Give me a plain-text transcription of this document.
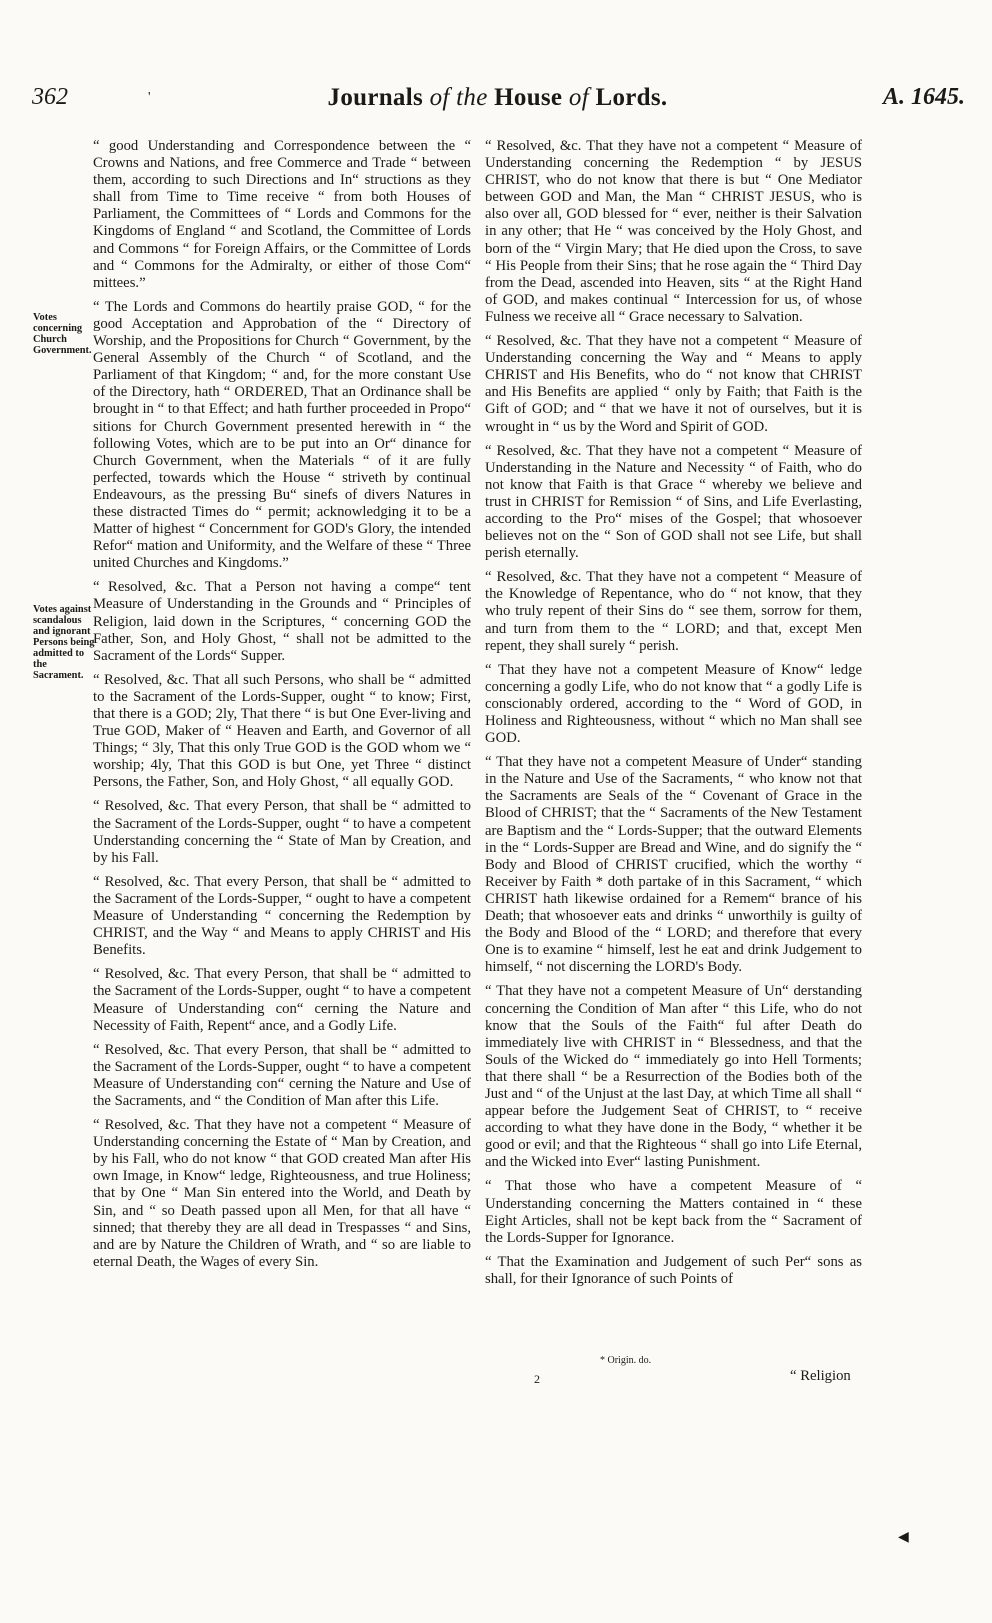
362	'	Journals of the House of Lords.	A. 1645.
Votes concerning Church Government.
Votes against scandalous and ignorant Persons being admitted to the Sacrament.

“ good Understanding and Correspondence between the “ Crowns and Nations, and free Commerce and Trade “ between them, according to such Directions and In“ structions as they shall from Time to Time receive “ from both Houses of Parliament, the Committees of “ Lords and Commons for the Kingdoms of England “ and Scotland, the Committee of Lords and Commons “ for Foreign Affairs, or the Committee of Lords and “ Commons for the Admiralty, or either of those Com“ mittees.”

“ The Lords and Commons do heartily praise GOD, “ for the good Acceptation and Approbation of the “ Directory of Worship, and the Propositions for Church “ Government, by the General Assembly of the Church “ of Scotland, and the Parliament of that Kingdom; “ and, for the more constant Use of the Directory, hath “ ORDERED, That an Ordinance shall be brought in “ to that Effect; and hath further proceeded in Propo“ sitions for Church Government presented herewith in “ the following Votes, which are to be put into an Or“ dinance for Church Government, when the Materials “ of it are fully perfected, towards which the House “ striveth by continual Endeavours, as the pressing Bu“ sinefs of divers Natures in these distracted Times do “ permit; acknowledging it to be a Matter of highest “ Concernment for GOD's Glory, the intended Refor“ mation and Uniformity, and the Welfare of these “ Three united Churches and Kingdoms.”

“ Resolved, &c. That a Person not having a compe“ tent Measure of Understanding in the Grounds and “ Principles of Religion, laid down in the Scriptures, “ concerning GOD the Father, Son, and Holy Ghost, “ shall not be admitted to the Sacrament of the Lords“ Supper.

“ Resolved, &c. That all such Persons, who shall be “ admitted to the Sacrament of the Lords-Supper, ought “ to know; First, that there is a GOD; 2ly, That there “ is but One Ever-living and True GOD, Maker of “ Heaven and Earth, and Governor of all Things; “ 3ly, That this only True GOD is the GOD whom we “ worship; 4ly, That this GOD is but One, yet Three “ distinct Persons, the Father, Son, and Holy Ghost, “ all equally GOD.

“ Resolved, &c. That every Person, that shall be “ admitted to the Sacrament of the Lords-Supper, ought “ to have a competent Understanding concerning the “ State of Man by Creation, and by his Fall.

“ Resolved, &c. That every Person, that shall be “ admitted to the Sacrament of the Lords-Supper, “ ought to have a competent Measure of Understanding “ concerning the Redemption by CHRIST, and the Way “ and Means to apply CHRIST and His Benefits.

“ Resolved, &c. That every Person, that shall be “ admitted to the Sacrament of the Lords-Supper, ought “ to have a competent Measure of Understanding con“ cerning the Nature and Necessity of Faith, Repent“ ance, and a Godly Life.

“ Resolved, &c. That every Person, that shall be “ admitted to the Sacrament of the Lords-Supper, ought “ to have a competent Measure of Understanding con“ cerning the Nature and Use of the Sacraments, and “ the Condition of Man after this Life.

“ Resolved, &c. That they have not a competent “ Measure of Understanding concerning the Estate of “ Man by Creation, and by his Fall, who do not know “ that GOD created Man after His own Image, in Know“ ledge, Righteousness, and true Holiness; that by One “ Man Sin entered into the World, and Death by Sin, and “ so Death passed upon all Men, for that all have “ sinned; that thereby they are all dead in Trespasses “ and Sins, and are by Nature the Children of Wrath, and “ so are liable to eternal Death, the Wages of every Sin.

“ Resolved, &c. That they have not a competent “ Measure of Understanding concerning the Redemption “ by JESUS CHRIST, who do not know that there is but “ One Mediator between GOD and Man, the Man “ CHRIST JESUS, who is also over all, GOD blessed for “ ever, neither is their Salvation in any other; that He “ was conceived by the Holy Ghost, and born of the “ Virgin Mary; that He died upon the Cross, to save “ His People from their Sins; that he rose again the “ Third Day from the Dead, ascended into Heaven, sits “ at the Right Hand of GOD, and makes continual “ Intercession for us, of whose Fulness we receive all “ Grace necessary to Salvation.

“ Resolved, &c. That they have not a competent “ Measure of Understanding concerning the Way and “ Means to apply CHRIST and His Benefits, who do “ not know that CHRIST and His Benefits are applied “ only by Faith; that Faith is the Gift of GOD; and “ that we have it not of ourselves, but it is wrought in “ us by the Word and Spirit of GOD.

“ Resolved, &c. That they have not a competent “ Measure of Understanding in the Nature and Necessity “ of Faith, who do not know that Faith is that Grace “ whereby we believe and trust in CHRIST for Remission “ of Sins, and Life Everlasting, according to the Pro“ mises of the Gospel; that whosoever believes not on the “ Son of GOD shall not see Life, but shall perish eternally.

“ Resolved, &c. That they have not a competent “ Measure of the Knowledge of Repentance, who do “ not know, that they who truly repent of their Sins do “ see them, sorrow for them, and turn from them to the “ LORD; and that, except Men repent, they shall surely “ perish.

“ That they have not a competent Measure of Know“ ledge concerning a godly Life, who do not know that “ a godly Life is conscionably ordered, according to the “ Word of GOD, in Holiness and Righteousness, without “ which no Man shall see GOD.

“ That they have not a competent Measure of Under“ standing in the Nature and Use of the Sacraments, “ who know not that the Sacraments are Seals of the “ Covenant of Grace in the Blood of CHRIST; that the “ Sacraments of the New Testament are Baptism and the “ Lords-Supper; that the outward Elements in the “ Lords-Supper are Bread and Wine, and do signify the “ Body and Blood of CHRIST crucified, which the worthy “ Receiver by Faith * doth partake of in this Sacrament, “ which CHRIST hath likewise ordained for a Remem“ brance of his Death; that whosoever eats and drinks “ unworthily is guilty of the Body and Blood of the “ LORD; and therefore that every One is to examine “ himself, lest he eat and drink Judgement to himself, “ not discerning the LORD's Body.

“ That they have not a competent Measure of Un“ derstanding concerning the Condition of Man after “ this Life, who do not know that the Souls of the Faith“ ful after Death do immediately live with CHRIST in “ Blessedness, and that the Souls of the Wicked do “ immediately go into Hell Torments; that there shall “ be a Resurrection of the Bodies both of the Just and “ of the Unjust at the last Day, at which Time all shall “ appear before the Judgement Seat of CHRIST, to “ receive according to what they have done in the Body, “ whether it be good or evil; and that the Righteous “ shall go into Life Eternal, and the Wicked into Ever“ lasting Punishment.

“ That those who have a competent Measure of “ Understanding concerning the Matters contained in “ these Eight Articles, shall not be kept back from the “ Sacrament of the Lords-Supper for Ignorance.

“ That the Examination and Judgement of such Per“ sons as shall, for their Ignorance of such Points of

* Origin. do.
2	“ Religion
◀
